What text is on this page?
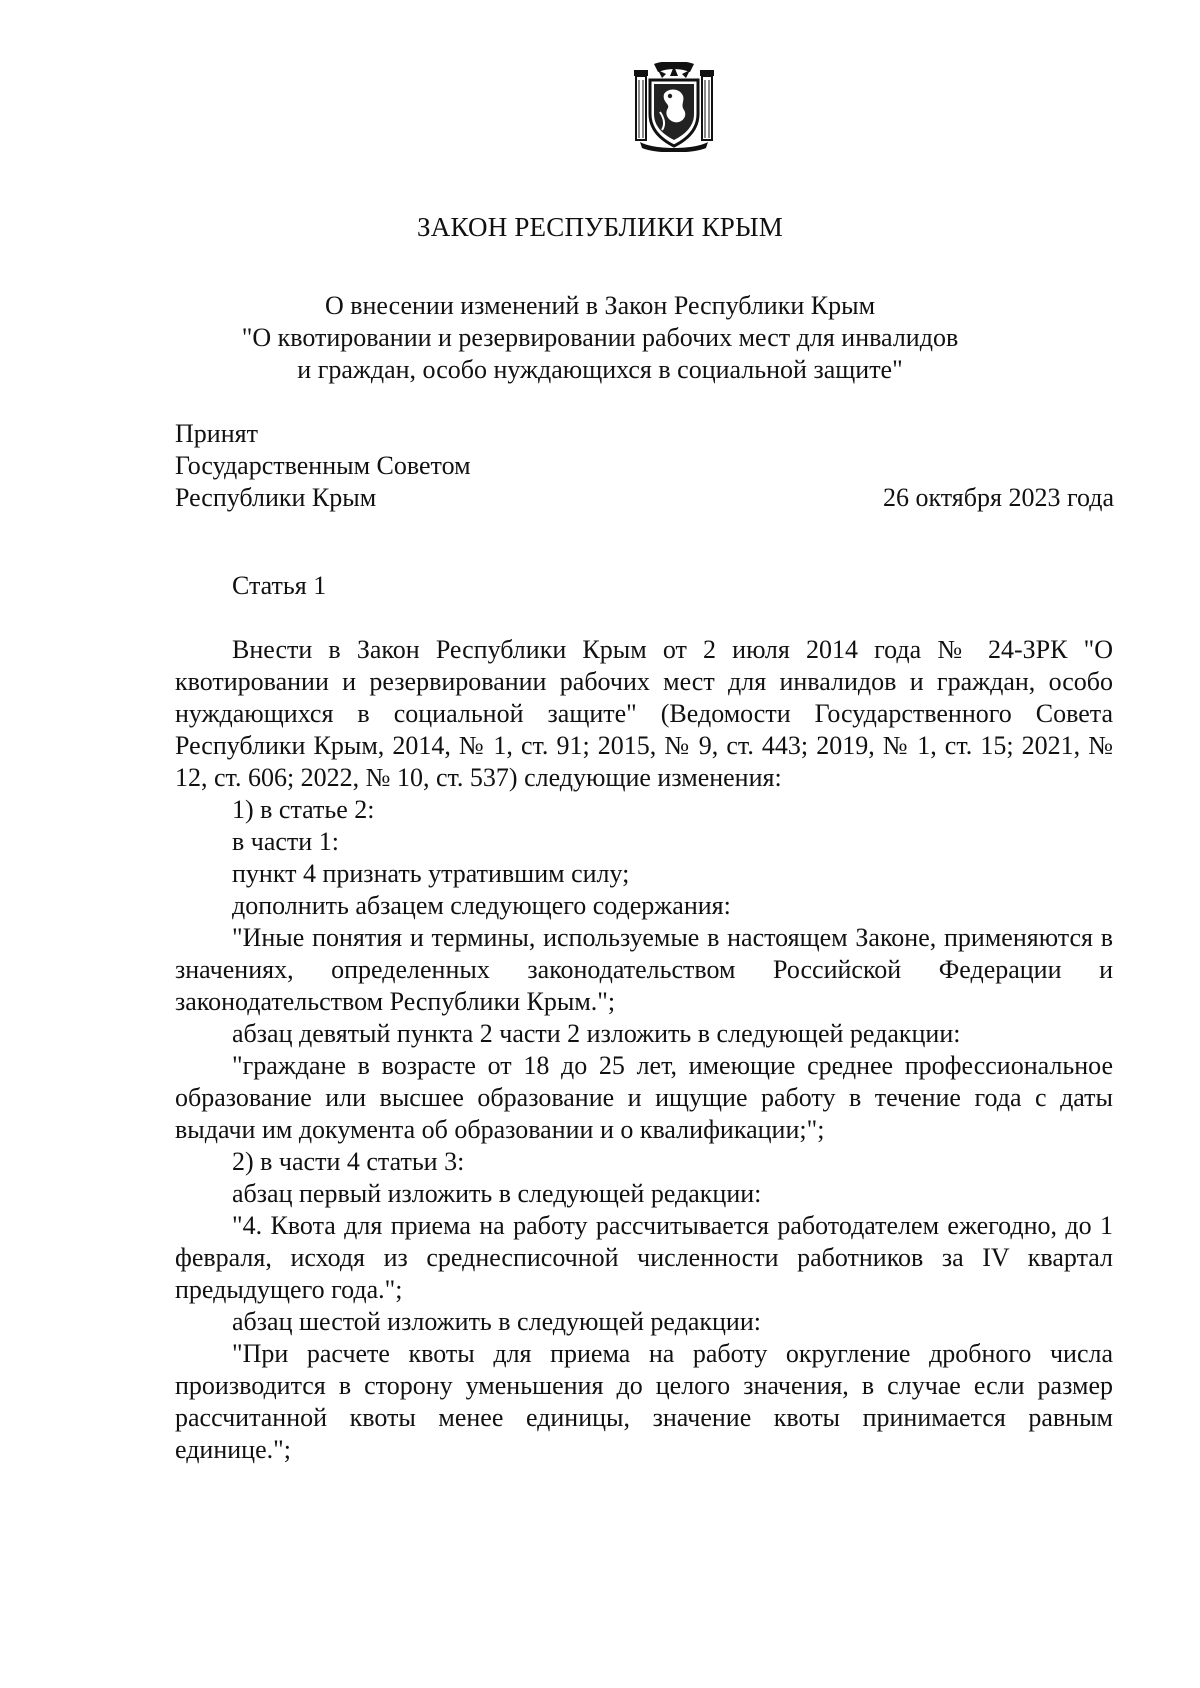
ЗАКОН РЕСПУБЛИКИ КРЫМ
О внесении изменений в Закон Республики Крым
"О квотировании и резервировании рабочих мест для инвалидов
и граждан, особо нуждающихся в социальной защите"
Принят
Государственным Советом
Республики Крым	26 октября 2023 года
Статья 1

Внести в Закон Республики Крым от 2 июля 2014 года № 24-ЗРК "О квотировании и резервировании рабочих мест для инвалидов и граждан, особо нуждающихся в социальной защите" (Ведомости Государственного Совета Республики Крым, 2014, № 1, ст. 91; 2015, № 9, ст. 443; 2019, № 1, ст. 15; 2021, № 12, ст. 606; 2022, № 10, ст. 537) следующие изменения:

1) в статье 2:

в части 1:

пункт 4 признать утратившим силу;

дополнить абзацем следующего содержания:

"Иные понятия и термины, используемые в настоящем Законе, применяются в значениях, определенных законодательством Российской Федерации и законодательством Республики Крым.";

абзац девятый пункта 2 части 2 изложить в следующей редакции:

"граждане в возрасте от 18 до 25 лет, имеющие среднее профессиональное образование или высшее образование и ищущие работу в течение года с даты выдачи им документа об образовании и о квалификации;";

2) в части 4 статьи 3:

абзац первый изложить в следующей редакции:

"4. Квота для приема на работу рассчитывается работодателем ежегодно, до 1 февраля, исходя из среднесписочной численности работников за IV квартал предыдущего года.";

абзац шестой изложить в следующей редакции:

"При расчете квоты для приема на работу округление дробного числа производится в сторону уменьшения до целого значения, в случае если размер рассчитанной квоты менее единицы, значение квоты принимается равным единице.";
